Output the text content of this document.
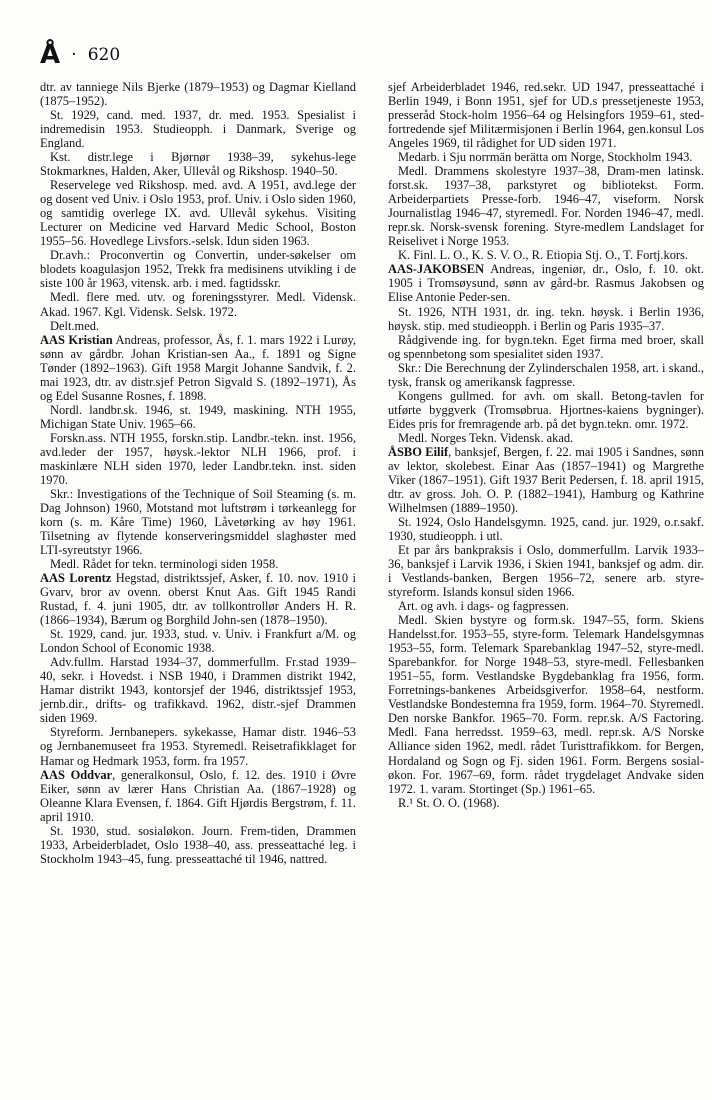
Å · 620

dtr. av tanniege Nils Bjerke (1879–1953) og Dagmar Kielland (1875–1952).

St. 1929, cand. med. 1937, dr. med. 1953. Spesialist i indremedisin 1953. Studieopph. i Danmark, Sverige og England.

Kst. distr.lege i Bjørnør 1938–39, sykehus-lege Stokmarknes, Halden, Aker, Ullevål og Rikshosp. 1940–50.

Reservelege ved Rikshosp. med. avd. A 1951, avd.lege der og dosent ved Univ. i Oslo 1953, prof. Univ. i Oslo siden 1960, og samtidig overlege IX. avd. Ullevål sykehus. Visiting Lecturer on Medicine ved Harvard Medic School, Boston 1955–56. Hovedlege Livsfors.-selsk. Idun siden 1963.

Dr.avh.: Proconvertin og Convertin, under-søkelser om blodets koagulasjon 1952, Trekk fra medisinens utvikling i de siste 100 år 1963, vitensk. arb. i med. fagtidsskr.

Medl. flere med. utv. og foreningsstyrer. Medl. Vidensk. Akad. 1967. Kgl. Vidensk. Selsk. 1972.

Delt.med.

AAS Kristian Andreas, professor, Ås, f. 1. mars 1922 i Lurøy, sønn av gårdbr. Johan Kristian-sen Aa., f. 1891 og Signe Tønder (1892–1963). Gift 1958 Margit Johanne Sandvik, f. 2. mai 1923, dtr. av distr.sjef Petron Sigvald S. (1892–1971), Ås og Edel Susanne Rosnes, f. 1898.

Nordl. landbr.sk. 1946, st. 1949, maskining. NTH 1955, Michigan State Univ. 1965–66.

Forskn.ass. NTH 1955, forskn.stip. Landbr.-tekn. inst. 1956, avd.leder der 1957, høysk.-lektor NLH 1966, prof. i maskinlære NLH siden 1970, leder Landbr.tekn. inst. siden 1970.

Skr.: Investigations of the Technique of Soil Steaming (s. m. Dag Johnson) 1960, Motstand mot luftstrøm i tørkeanlegg for korn (s. m. Kåre Time) 1960, Låvetørking av høy 1961. Tilsetning av flytende konserveringsmiddel slaghøster med LTI-syreutstyr 1966.

Medl. Rådet for tekn. terminologi siden 1958.

AAS Lorentz Hegstad, distriktssjef, Asker, f. 10. nov. 1910 i Gvarv, bror av ovenn. oberst Knut Aas. Gift 1945 Randi Rustad, f. 4. juni 1905, dtr. av tollkontrollør Anders H. R. (1866–1934), Bærum og Borghild John-sen (1878–1950).

St. 1929, cand. jur. 1933, stud. v. Univ. i Frankfurt a/M. og London School of Economic 1938.

Adv.fullm. Harstad 1934–37, dommerfullm. Fr.stad 1939–40, sekr. i Hovedst. i NSB 1940, i Drammen distrikt 1942, Hamar distrikt 1943, kontorsjef der 1946, distriktssjef 1953, jernb.dir., drifts- og trafikkavd. 1962, distr.-sjef Drammen siden 1969.

Styreform. Jernbanepers. sykekasse, Hamar distr. 1946–53 og Jernbanemuseet fra 1953. Styremedl. Reisetrafikklaget for Hamar og Hedmark 1953, form. fra 1957.

AAS Oddvar, generalkonsul, Oslo, f. 12. des. 1910 i Øvre Eiker, sønn av lærer Hans Christian Aa. (1867–1928) og Oleanne Klara Evensen, f. 1864. Gift Hjørdis Bergstrøm, f. 11. april 1910.

St. 1930, stud. sosialøkon. Journ. Frem-tiden, Drammen 1933, Arbeiderbladet, Oslo 1938–40, ass. presseattaché leg. i Stockholm 1943–45, fung. presseattaché til 1946, nattred.

sjef Arbeiderbladet 1946, red.sekr. UD 1947, presseattaché i Berlin 1949, i Bonn 1951, sjef for UD.s pressetjeneste 1953, presseråd Stock-holm 1956–64 og Helsingfors 1959–61, sted-fortredende sjef Militærmisjonen i Berlin 1964, gen.konsul Los Angeles 1969, til rådighet for UD siden 1971.

Medarb. i Sju norrmän berätta om Norge, Stockholm 1943.

Medl. Drammens skolestyre 1937–38, Dram-men latinsk. forst.sk. 1937–38, parkstyret og bibliotekst. Form. Arbeiderpartiets Presse-forb. 1946–47, viseform. Norsk Journalistlag 1946–47, styremedl. For. Norden 1946–47, medl. repr.sk. Norsk-svensk forening. Styre-medlem Landslaget for Reiselivet i Norge 1953.

K. Finl. L. O., K. S. V. O., R. Etiopia Stj. O., T. Fortj.kors.

AAS-JAKOBSEN Andreas, ingeniør, dr., Oslo, f. 10. okt. 1905 i Tromsøysund, sønn av gård-br. Rasmus Jakobsen og Elise Antonie Peder-sen.

St. 1926, NTH 1931, dr. ing. tekn. høysk. i Berlin 1936, høysk. stip. med studieopph. i Berlin og Paris 1935–37.

Rådgivende ing. for bygn.tekn. Eget firma med broer, skall og spennbetong som spesialitet siden 1937.

Skr.: Die Berechnung der Zylinderschalen 1958, art. i skand., tysk, fransk og amerikansk fagpresse.

Kongens gullmed. for avh. om skall. Betong-tavlen for utførte byggverk (Tromsøbrua. Hjortnes-kaiens bygninger). Eides pris for fremragende arb. på det bygn.tekn. omr. 1972.

Medl. Norges Tekn. Vidensk. akad.

ÅSBO Eilif, banksjef, Bergen, f. 22. mai 1905 i Sandnes, sønn av lektor, skolebest. Einar Aas (1857–1941) og Margrethe Viker (1867–1951). Gift 1937 Berit Pedersen, f. 18. april 1915, dtr. av gross. Joh. O. P. (1882–1941), Hamburg og Kathrine Wilhelmsen (1889–1950).

St. 1924, Oslo Handelsgymn. 1925, cand. jur. 1929, o.r.sakf. 1930, studieopph. i utl.

Et par års bankpraksis i Oslo, dommerfullm. Larvik 1933–36, banksjef i Larvik 1936, i Skien 1941, banksjef og adm. dir. i Vestlands-banken, Bergen 1956–72, senere arb. styre-styreform. Islands konsul siden 1966.

Art. og avh. i dags- og fagpressen.

Medl. Skien bystyre og form.sk. 1947–55, form. Skiens Handelsst.for. 1953–55, styre-form. Telemark Handelsgymnas 1953–55, form. Telemark Sparebanklag 1947–52, styre-medl. Sparebankfor. for Norge 1948–53, styre-medl. Fellesbanken 1951–55, form. Vestlandske Bygdebanklag fra 1956, form. Forretnings-bankenes Arbeidsgiverfor. 1958–64, nestform. Vestlandske Bondestemna fra 1959, form. 1964–70. Styremedl. Den norske Bankfor. 1965–70. Form. repr.sk. A/S Factoring. Medl. Fana herredsst. 1959–63, medl. repr.sk. A/S Norske Alliance siden 1962, medl. rådet Turisttrafikkom. for Bergen, Hordaland og Sogn og Fj. siden 1961. Form. Bergens sosial-økon. For. 1967–69, form. rådet trygdelaget Andvake siden 1972. 1. varam. Stortinget (Sp.) 1961–65.

R.¹ St. O. O. (1968).
